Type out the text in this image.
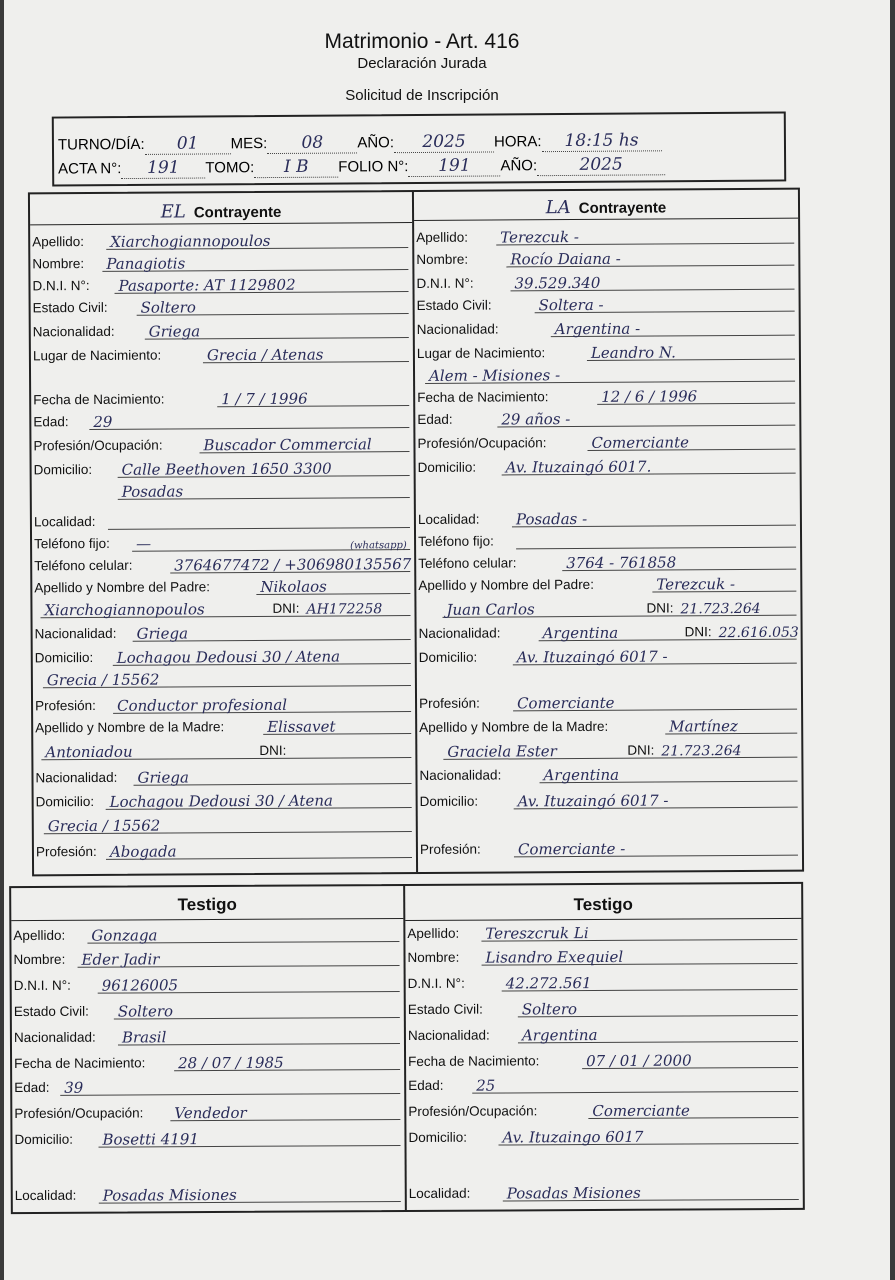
Matrimonio - Art. 416
Declaración Jurada
Solicitud de Inscripción
TURNO/DÍA: 01 MES: 08 AÑO: 2025 HORA: 18:15 hs
ACTA N°: 191 TOMO: I B FOLIO N°: 191 AÑO: 2025
EL Contrayente
Apellido: Xiarchogiannopoulos
Nombre: Panagiotis
D.N.I. N°: Pasaporte: AT 1129802
Estado Civil: Soltero
Nacionalidad: Griega
Lugar de Nacimiento:	Grecia / Atenas
Fecha de Nacimiento:	1 / 7 / 1996
Edad: 29
Profesión/Ocupación:	Buscador Commercial
Domicilio: Calle Beethoven 1650 3300
Posadas
Localidad:
Teléfono fijo: —
Teléfono celular:	3764677472 / +306980135567
(whatsapp)
Apellido y Nombre del Padre:	Nikolaos
Xiarchogiannopoulos	DNI: AH172258
Nacionalidad: Griega
Domicilio: Lochagou Dedousi 30 / Atena
Grecia / 15562
Profesión: Conductor profesional
Apellido y Nombre de la Madre:	Elissavet
Antoniadou	DNI:
Nacionalidad: Griega
Domicilio: Lochagou Dedousi 30 / Atena
Grecia / 15562
Profesión: Abogada
LA Contrayente
Apellido: Terezcuk -
Nombre:	Rocío Daiana -
D.N.I. N°:	39.529.340
Estado Civil:	Soltera -
Nacionalidad:	Argentina -
Lugar de Nacimiento:	Leandro N.
Alem - Misiones -
Fecha de Nacimiento:	12 / 6 / 1996
Edad:	29 años -
Profesión/Ocupación:	Comerciante
Domicilio: Av. Ituzaingó 6017.
Localidad: Posadas -
Teléfono fijo:
Teléfono celular:	3764 - 761858
Apellido y Nombre del Padre:	Terezcuk -
Juan Carlos	DNI: 21.723.264
Nacionalidad:	Argentina	DNI: 22.616.053
Domicilio:	Av. Ituzaingó 6017 -
Profesión: Comerciante
Apellido y Nombre de la Madre:	Martínez
Graciela Ester	DNI: 21.723.264
Nacionalidad:	Argentina
Domicilio:	Av. Ituzaingó 6017 -
Profesión: Comerciante -
Testigo
Apellido: Gonzaga
Nombre: Eder Jadir
D.N.I. N°: 96126005
Estado Civil: Soltero
Nacionalidad: Brasil
Fecha de Nacimiento: 28 / 07 / 1985
Edad: 39
Profesión/Ocupación: Vendedor
Domicilio: Bosetti 4191
Localidad: Posadas Misiones
Testigo
Apellido: Tereszcruk Li
Nombre: Lisandro Exequiel
D.N.I. N°:	42.272.561
Estado Civil:	Soltero
Nacionalidad: Argentina
Fecha de Nacimiento:	07 / 01 / 2000
Edad: 25
Profesión/Ocupación:	Comerciante
Domicilio: Av. Ituzaingo 6017
Localidad: Posadas Misiones
